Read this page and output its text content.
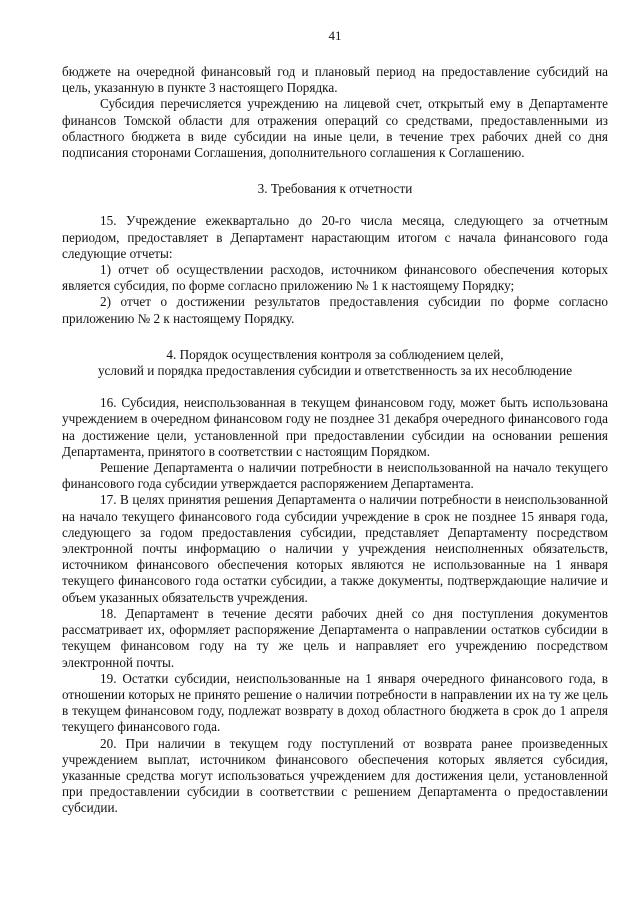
41

бюджете на очередной финансовый год и плановый период на предоставление субсидий на цель, указанную в пункте 3 настоящего Порядка.

Субсидия перечисляется учреждению на лицевой счет, открытый ему в Департаменте финансов Томской области для отражения операций со средствами, предоставленными из областного бюджета в виде субсидии на иные цели, в течение трех рабочих дней со дня подписания сторонами Соглашения, дополнительного соглашения к Соглашению.

3. Требования к отчетности

15. Учреждение ежеквартально до 20-го числа месяца, следующего за отчетным периодом, предоставляет в Департамент нарастающим итогом с начала финансового года следующие отчеты:

1) отчет об осуществлении расходов, источником финансового обеспечения которых является субсидия, по форме согласно приложению № 1 к настоящему Порядку;

2) отчет о достижении результатов предоставления субсидии по форме согласно приложению № 2 к настоящему Порядку.

4. Порядок осуществления контроля за соблюдением целей,
условий и порядка предоставления субсидии и ответственность за их несоблюдение

16. Субсидия, неиспользованная в текущем финансовом году, может быть использована учреждением в очередном финансовом году не позднее 31 декабря очередного финансового года на достижение цели, установленной при предоставлении субсидии на основании решения Департамента, принятого в соответствии с настоящим Порядком.

Решение Департамента о наличии потребности в неиспользованной на начало текущего финансового года субсидии утверждается распоряжением Департамента.

17. В целях принятия решения Департамента о наличии потребности в неиспользованной на начало текущего финансового года субсидии учреждение в срок не позднее 15 января года, следующего за годом предоставления субсидии, представляет Департаменту посредством электронной почты информацию о наличии у учреждения неисполненных обязательств, источником финансового обеспечения которых являются не использованные на 1 января текущего финансового года остатки субсидии, а также документы, подтверждающие наличие и объем указанных обязательств учреждения.

18. Департамент в течение десяти рабочих дней со дня поступления документов рассматривает их, оформляет распоряжение Департамента о направлении остатков субсидии в текущем финансовом году на ту же цель и направляет его учреждению посредством электронной почты.

19. Остатки субсидии, неиспользованные на 1 января очередного финансового года, в отношении которых не принято решение о наличии потребности в направлении их на ту же цель в текущем финансовом году, подлежат возврату в доход областного бюджета в срок до 1 апреля текущего финансового года.

20. При наличии в текущем году поступлений от возврата ранее произведенных учреждением выплат, источником финансового обеспечения которых является субсидия, указанные средства могут использоваться учреждением для достижения цели, установленной при предоставлении субсидии в соответствии с решением Департамента о предоставлении субсидии.
